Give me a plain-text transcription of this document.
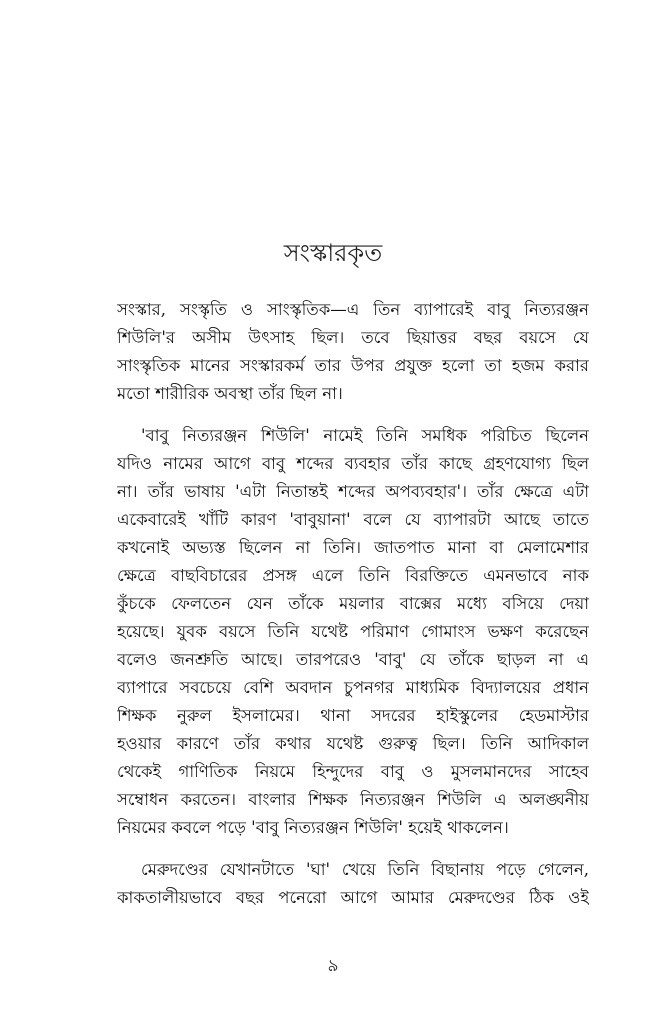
সংস্কারকৃত
সংস্কার, সংস্কৃতি ও সাংস্কৃতিক—এ তিন ব্যাপারেই বাবু নিত্যরঞ্জন
শিউলি'র অসীম উৎসাহ ছিল। তবে ছিয়াত্তর বছর বয়সে যে
সাংস্কৃতিক মানের সংস্কারকর্ম তার উপর প্রযুক্ত হলো তা হজম করার
মতো শারীরিক অবস্থা তাঁর ছিল না।
'বাবু নিত্যরঞ্জন শিউলি' নামেই তিনি সমধিক পরিচিত ছিলেন
যদিও নামের আগে বাবু শব্দের ব্যবহার তাঁর কাছে গ্রহণযোগ্য ছিল
না। তাঁর ভাষায় 'এটা নিতান্তই শব্দের অপব্যবহার'। তাঁর ক্ষেত্রে এটা
একেবারেই খাঁটি কারণ 'বাবুয়ানা' বলে যে ব্যাপারটা আছে তাতে
কখনোই অভ্যস্ত ছিলেন না তিনি। জাতপাত মানা বা মেলামেশার
ক্ষেত্রে বাছবিচারের প্রসঙ্গ এলে তিনি বিরক্তিতে এমনভাবে নাক
কুঁচকে ফেলতেন যেন তাঁকে ময়লার বাক্সের মধ্যে বসিয়ে দেয়া
হয়েছে। যুবক বয়সে তিনি যথেষ্ট পরিমাণ গোমাংস ভক্ষণ করেছেন
বলেও জনশ্রুতি আছে। তারপরেও 'বাবু' যে তাঁকে ছাড়ল না এ
ব্যাপারে সবচেয়ে বেশি অবদান চুপনগর মাধ্যমিক বিদ্যালয়ের প্রধান
শিক্ষক নুরুল ইসলামের। থানা সদরের হাইস্কুলের হেডমাস্টার
হওয়ার কারণে তাঁর কথার যথেষ্ট গুরুত্ব ছিল। তিনি আদিকাল
থেকেই গাণিতিক নিয়মে হিন্দুদের বাবু ও মুসলমানদের সাহেব
সম্বোধন করতেন। বাংলার শিক্ষক নিত্যরঞ্জন শিউলি এ অলঙ্ঘনীয়
নিয়মের কবলে পড়ে 'বাবু নিত্যরঞ্জন শিউলি' হয়েই থাকলেন।
মেরুদণ্ডের যেখানটাতে 'ঘা' খেয়ে তিনি বিছানায় পড়ে গেলেন,
কাকতালীয়ভাবে বছর পনেরো আগে আমার মেরুদণ্ডের ঠিক ওই
৯
